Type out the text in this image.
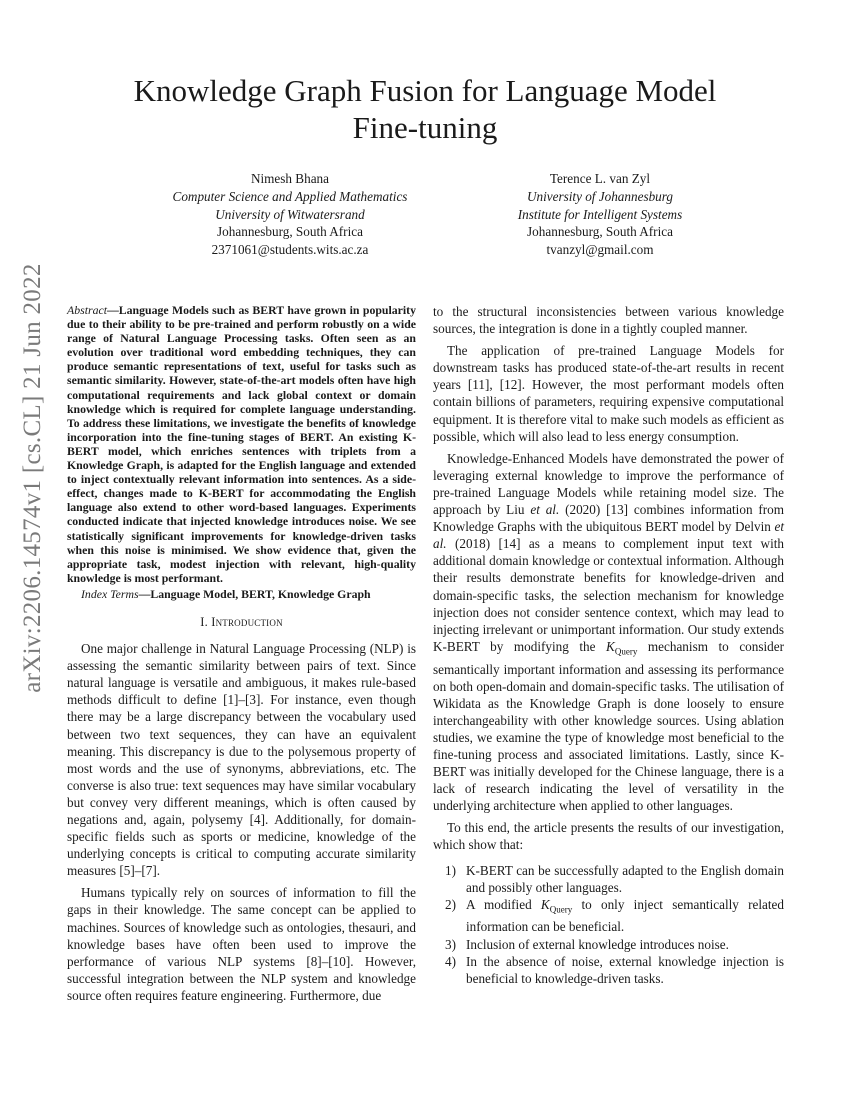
Knowledge Graph Fusion for Language Model
Fine-tuning
Nimesh Bhana
Computer Science and Applied Mathematics
University of Witwatersrand
Johannesburg, South Africa
2371061@students.wits.ac.za
Terence L. van Zyl
University of Johannesburg
Institute for Intelligent Systems
Johannesburg, South Africa
tvanzyl@gmail.com
arXiv:2206.14574v1 [cs.CL] 21 Jun 2022 Abstract—Language Models such as BERT have grown in popularity due to their ability to be pre-trained and perform robustly on a wide range of Natural Language Processing tasks. Often seen as an evolution over traditional word embedding techniques, they can produce semantic representations of text, useful for tasks such as semantic similarity. However, state-of-the-art models often have high computational requirements and lack global context or domain knowledge which is required for complete language understanding. To address these limitations, we investigate the benefits of knowledge incorporation into the fine-tuning stages of BERT. An existing K-BERT model, which enriches sentences with triplets from a Knowledge Graph, is adapted for the English language and extended to inject contextually relevant information into sentences. As a side-effect, changes made to K-BERT for accommodating the English language also extend to other word-based languages. Experiments conducted indicate that injected knowledge introduces noise. We see statistically significant improvements for knowledge-driven tasks when this noise is minimised. We show evidence that, given the appropriate task, modest injection with relevant, high-quality knowledge is most performant.

Index Terms—Language Model, BERT, Knowledge Graph

I. Introduction

One major challenge in Natural Language Processing (NLP) is assessing the semantic similarity between pairs of text. Since natural language is versatile and ambiguous, it makes rule-based methods difficult to define [1]–[3]. For instance, even though there may be a large discrepancy between the vocabulary used between two text sequences, they can have an equivalent meaning. This discrepancy is due to the polysemous property of most words and the use of synonyms, abbreviations, etc. The converse is also true: text sequences may have similar vocabulary but convey very different meanings, which is often caused by negations and, again, polysemy [4]. Additionally, for domain-specific fields such as sports or medicine, knowledge of the underlying concepts is critical to computing accurate similarity measures [5]–[7].

Humans typically rely on sources of information to fill the gaps in their knowledge. The same concept can be applied to machines. Sources of knowledge such as ontologies, thesauri, and knowledge bases have often been used to improve the performance of various NLP systems [8]–[10]. However, successful integration between the NLP system and knowledge source often requires feature engineering. Furthermore, due

to the structural inconsistencies between various knowledge sources, the integration is done in a tightly coupled manner.

The application of pre-trained Language Models for downstream tasks has produced state-of-the-art results in recent years [11], [12]. However, the most performant models often contain billions of parameters, requiring expensive computational equipment. It is therefore vital to make such models as efficient as possible, which will also lead to less energy consumption.

Knowledge-Enhanced Models have demonstrated the power of leveraging external knowledge to improve the performance of pre-trained Language Models while retaining model size. The approach by Liu et al. (2020) [13] combines information from Knowledge Graphs with the ubiquitous BERT model by Delvin et al. (2018) [14] as a means to complement input text with additional domain knowledge or contextual information. Although their results demonstrate benefits for knowledge-driven and domain-specific tasks, the selection mechanism for knowledge injection does not consider sentence context, which may lead to injecting irrelevant or unimportant information. Our study extends K-BERT by modifying the $K_{Query}$ mechanism to consider semantically important information and assessing its performance on both open-domain and domain-specific tasks. The utilisation of Wikidata as the Knowledge Graph is done loosely to ensure interchangeability with other knowledge sources. Using ablation studies, we examine the type of knowledge most beneficial to the fine-tuning process and associated limitations. Lastly, since K-BERT was initially developed for the Chinese language, there is a lack of research indicating the level of versatility in the underlying architecture when applied to other languages.

To this end, the article presents the results of our investigation, which show that:

1) K-BERT can be successfully adapted to the English domain and possibly other languages.
2) A modified $K_{Query}$ to only inject semantically related information can be beneficial.
3) Inclusion of external knowledge introduces noise.
4) In the absence of noise, external knowledge injection is beneficial to knowledge-driven tasks.
